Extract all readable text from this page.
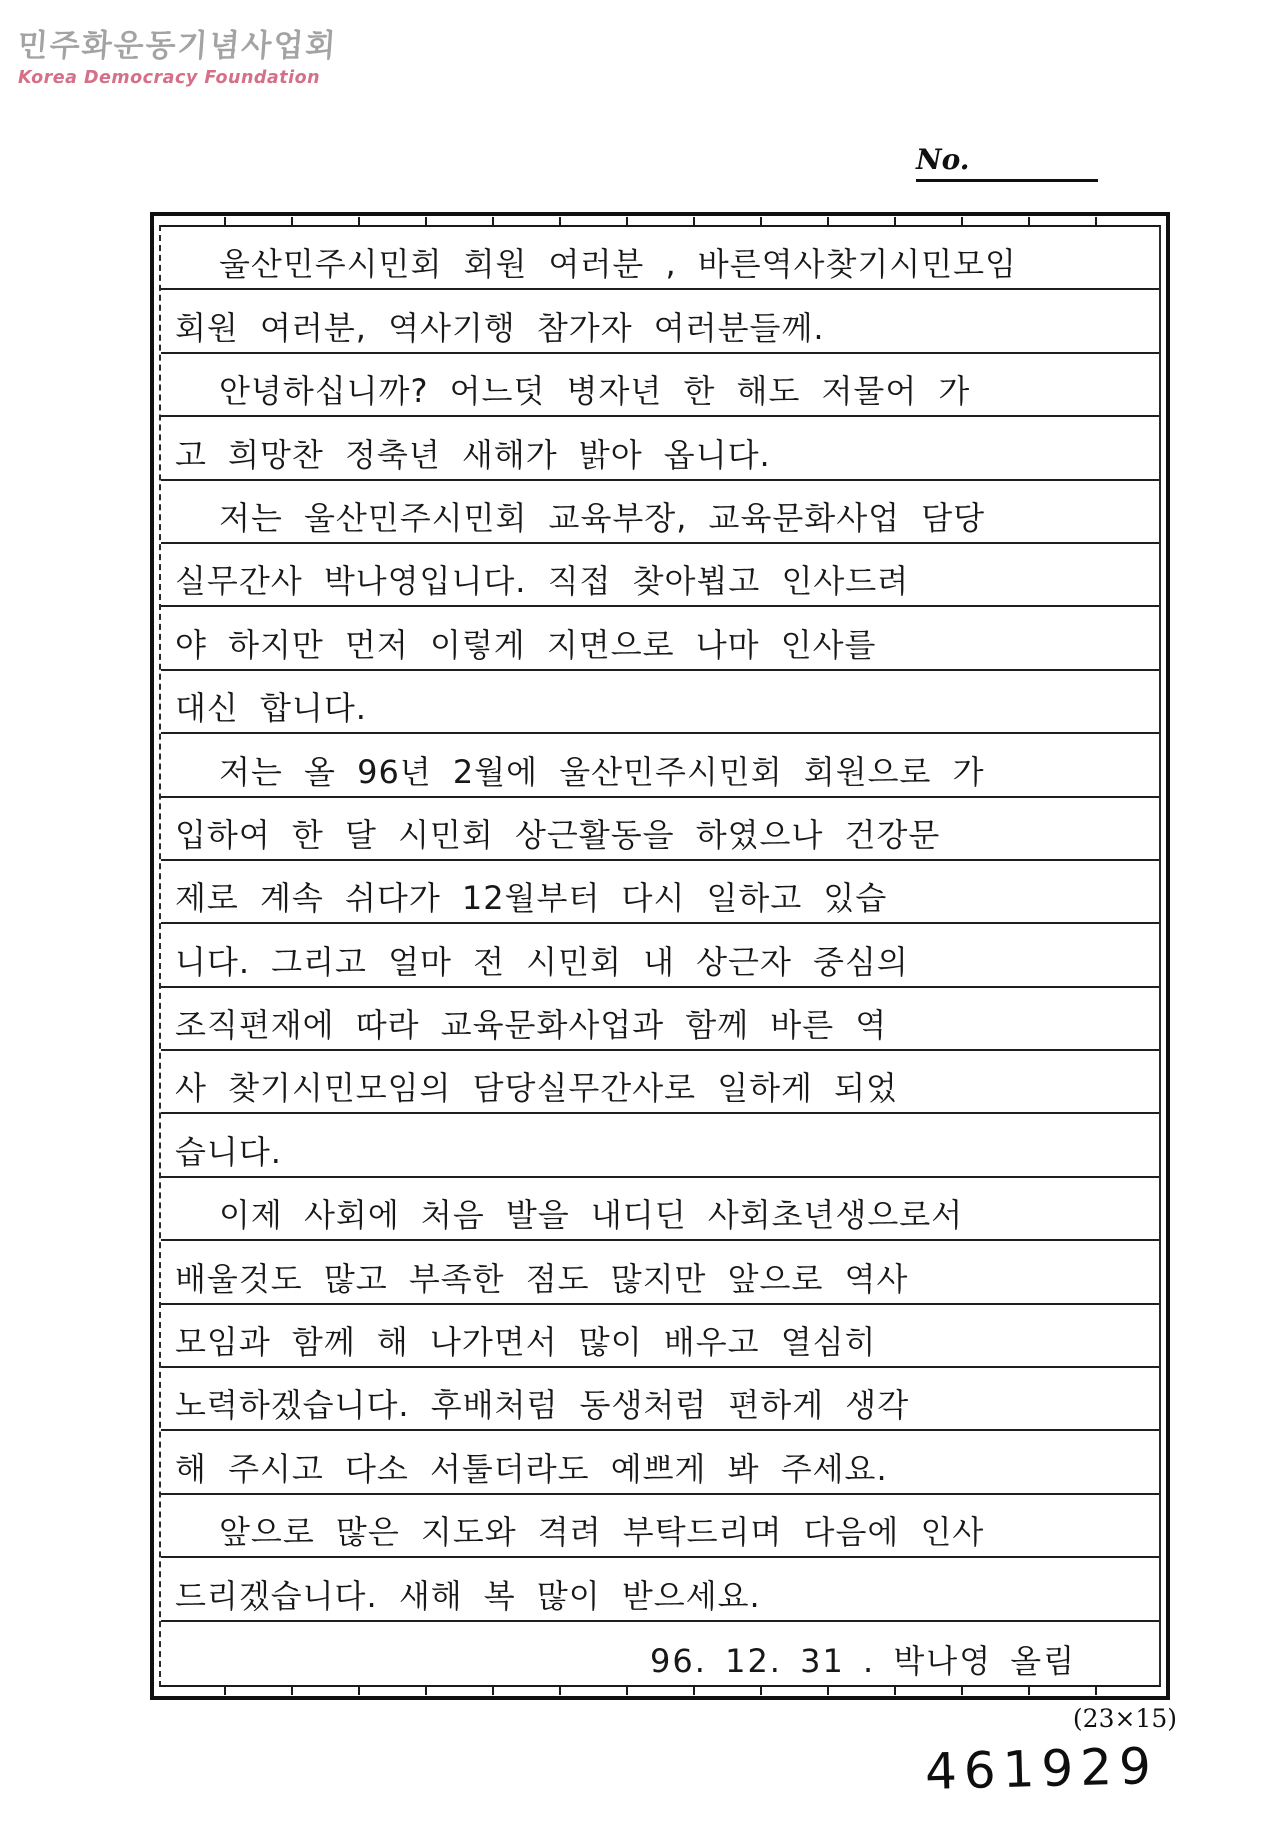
민주화운동기념사업회
Korea Democracy Foundation
No.
울산민주시민회 회원 여러분 , 바른역사찾기시민모임
회원 여러분, 역사기행 참가자 여러분들께.
안녕하십니까? 어느덧 병자년 한 해도 저물어 가
고 희망찬 정축년 새해가 밝아 옵니다.
저는 울산민주시민회 교육부장, 교육문화사업 담당
실무간사 박나영입니다. 직접 찾아뵙고 인사드려
야 하지만 먼저 이렇게 지면으로 나마 인사를
대신 합니다.
저는 올 96년 2월에 울산민주시민회 회원으로 가
입하여 한 달 시민회 상근활동을 하였으나 건강문
제로 계속 쉬다가 12월부터 다시 일하고 있습
니다. 그리고 얼마 전 시민회 내 상근자 중심의
조직편재에 따라 교육문화사업과 함께 바른 역
사 찾기시민모임의 담당실무간사로 일하게 되었
습니다.
이제 사회에 처음 발을 내디딘 사회초년생으로서
배울것도 많고 부족한 점도 많지만 앞으로 역사
모임과 함께 해 나가면서 많이 배우고 열심히
노력하겠습니다. 후배처럼 동생처럼 편하게 생각
해 주시고 다소 서툴더라도 예쁘게 봐 주세요.
앞으로 많은 지도와 격려 부탁드리며 다음에 인사
드리겠습니다. 새해 복 많이 받으세요.
96. 12. 31 . 박나영 올림
(23×15)
461929
